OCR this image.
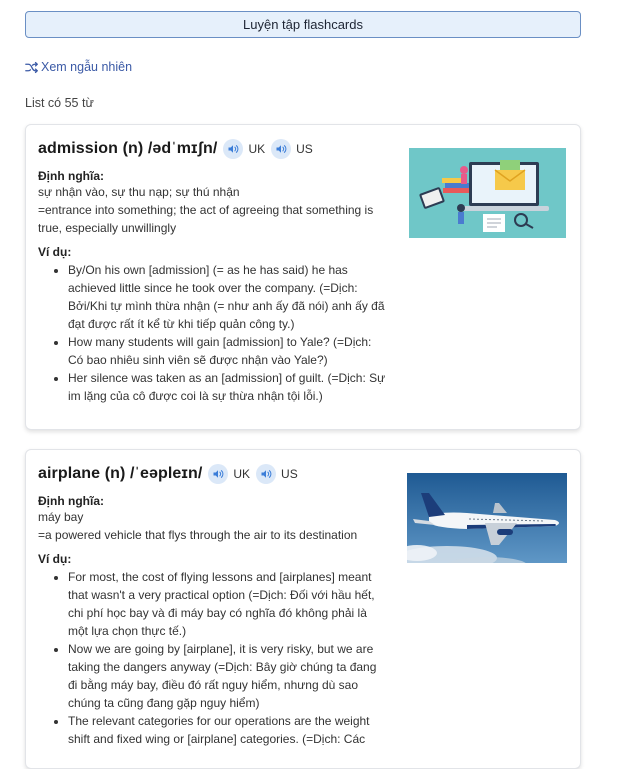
Luyện tập flashcards
Xem ngẫu nhiên
List có 55 từ
admission (n) /ədˈmɪʃn/	UK	US
Định nghĩa:
sự nhận vào, sự thu nạp; sự thú nhận
=entrance into something; the act of agreeing that something is true, especially unwillingly
Ví dụ:
• By/On his own [admission] (= as he has said) he has achieved little since he took over the company. (=Dịch: Bởi/Khi tự mình thừa nhận (= như anh ấy đã nói) anh ấy đã đạt được rất ít kể từ khi tiếp quản công ty.)
• How many students will gain [admission] to Yale? (=Dịch: Có bao nhiêu sinh viên sẽ được nhận vào Yale?)
• Her silence was taken as an [admission] of guilt. (=Dịch: Sự im lặng của cô được coi là sự thừa nhận tội lỗi.)
airplane (n) /ˈeəpleɪn/	UK	US
Định nghĩa:
máy bay
=a powered vehicle that flys through the air to its destination
Ví dụ:
• For most, the cost of flying lessons and [airplanes] meant that wasn't a very practical option (=Dịch: Đối với hầu hết, chi phí học bay và đi máy bay có nghĩa đó không phải là một lựa chọn thực tế.)
• Now we are going by [airplane], it is very risky, but we are taking the dangers anyway (=Dịch: Bây giờ chúng ta đang đi bằng máy bay, điều đó rất nguy hiểm, nhưng dù sao chúng ta cũng đang gặp nguy hiểm)
• The relevant categories for our operations are the weight shift and fixed wing or [airplane] categories. (=Dịch: Các
